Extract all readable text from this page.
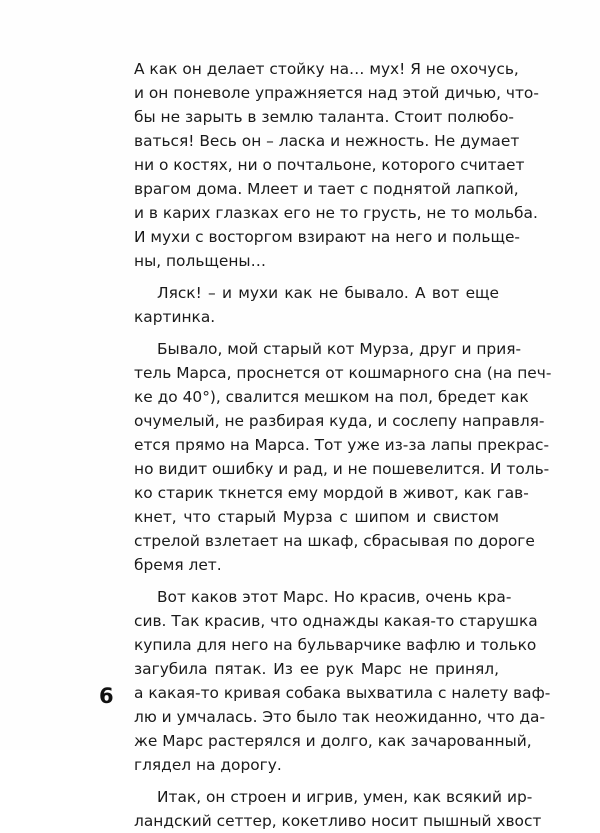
А как он делает стойку на… мух! Я не охочусь,
и он поневоле упражняется над этой дичью, что-
бы не зарыть в землю таланта. Стоит полюбо-
ваться! Весь он – ласка и нежность. Не думает
ни о костях, ни о почтальоне, которого считает
врагом дома. Млеет и тает с поднятой лапкой,
и в карих глазках его не то грусть, не то мольба.
И мухи с восторгом взирают на него и польще-
ны, польщены…
Ляск! – и мухи как не бывало. А вот еще
картинка.
Бывало, мой старый кот Мурза, друг и прия-
тель Марса, проснется от кошмарного сна (на печ-
ке до 40°), свалится мешком на пол, бредет как
очумелый, не разбирая куда, и cослепу направля-
ется прямо на Марса. Тот уже из-за лапы прекрас-
но видит ошибку и рад, и не пошевелится. И толь-
ко старик ткнется ему мордой в живот, как гав-
кнет, что старый Мурза с шипом и свистом
стрелой взлетает на шкаф, сбрасывая по дороге
бремя лет.
Вот каков этот Марс. Но красив, очень кра-
сив. Так красив, что однажды какая-то старушка
купила для него на бульварчике вафлю и только
загубила пятак. Из ее рук Марс не принял,
а какая-то кривая собака выхватила с налету ваф-
лю и умчалась. Это было так неожиданно, что да-
же Марс растерялся и долго, как зачарованный,
глядел на дорогу.
Итак, он строен и игрив, умен, как всякий ир-
ландский сеттер, кокетливо носит пышный хвост
6
